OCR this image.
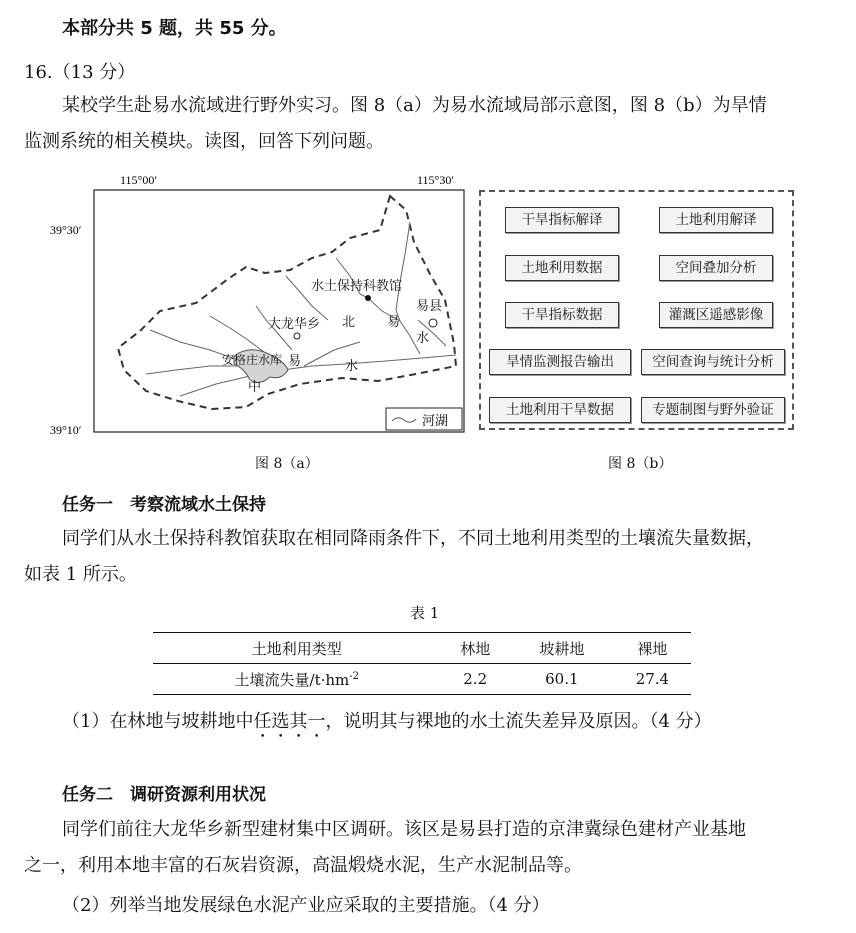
本部分共 5 题，共 55 分。
16.（13 分）
某校学生赴易水流域进行野外实习。图 8（a）为易水流域局部示意图，图 8（b）为旱情
监测系统的相关模块。读图，回答下列问题。
115°00′	115°30′
39°30′
39°10′
水土保持科教馆
易县
大龙华乡 北 易
水
易	水
安格庄水库
中
河湖
图 8（a）
干旱指标解译	土地利用解译
土地利用数据	空间叠加分析
干旱指标数据	灌溉区遥感影像
旱情监测报告输出	空间查询与统计分析
土地利用干旱数据	专题制图与野外验证
图 8（b）
任务一　考察流域水土保持
同学们从水土保持科教馆获取在相同降雨条件下，不同土地利用类型的土壤流失量数据，
如表 1 所示。
表 1
土地利用类型	林地	坡耕地	裸地
土壤流失量$/t\cdot hm^{-2}$	2.2	60.1	27.4
（1）在林地与坡耕地中任选其一，说明其与裸地的水土流失差异及原因。（4 分）
任务二　调研资源利用状况
同学们前往大龙华乡新型建材集中区调研。该区是易县打造的京津冀绿色建材产业基地
之一，利用本地丰富的石灰岩资源，高温煅烧水泥，生产水泥制品等。
（2）列举当地发展绿色水泥产业应采取的主要措施。（4 分）
